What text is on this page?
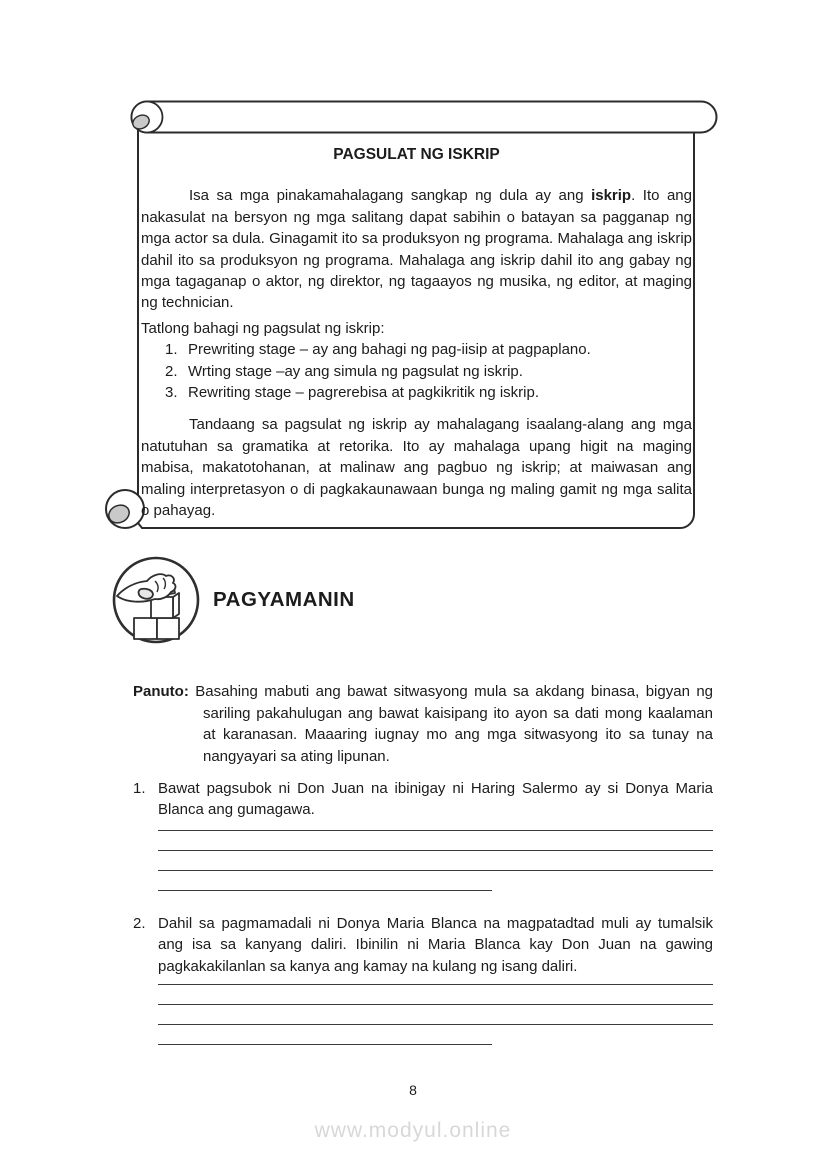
PAGSULAT NG ISKRIP

Isa sa mga pinakamahalagang sangkap ng dula ay ang iskrip. Ito ang nakasulat na bersyon ng mga salitang dapat sabihin o batayan sa pagganap ng mga actor sa dula. Ginagamit ito sa produksyon ng programa. Mahalaga ang iskrip dahil ito sa produksyon ng programa. Mahalaga ang iskrip dahil ito ang gabay ng mga tagaganap o aktor, ng direktor, ng tagaayos ng musika, ng editor, at maging ng technician.

Tatlong bahagi ng pagsulat ng iskrip:

1. Prewriting stage – ay ang bahagi ng pag-iisip at pagpaplano.
2. Wrting stage –ay ang simula ng pagsulat ng iskrip.
3. Rewriting stage – pagrerebisa at pagkikritik ng iskrip.

Tandaang sa pagsulat ng iskrip ay mahalagang isaalang-alang ang mga natutuhan sa gramatika at retorika. Ito ay mahalaga upang higit na maging mabisa, makatotohanan, at malinaw ang pagbuo ng iskrip; at maiwasan ang maling interpretasyon o di pagkakaunawaan bunga ng maling gamit ng mga salita o pahayag.

PAGYAMANIN

Panuto: Basahing mabuti ang bawat sitwasyong mula sa akdang binasa, bigyan ng sariling pakahulugan ang bawat kaisipang ito ayon sa dati mong kaalaman at karanasan. Maaaring iugnay mo ang mga sitwasyong ito sa tunay na nangyayari sa ating lipunan.

1. Bawat pagsubok ni Don Juan na ibinigay ni Haring Salermo ay si Donya Maria Blanca ang gumagawa.

2. Dahil sa pagmamadali ni Donya Maria Blanca na magpatadtad muli ay tumalsik ang isa sa kanyang daliri. Ibinilin ni Maria Blanca kay Don Juan na gawing pagkakakilanlan sa kanya ang kamay na kulang ng isang daliri.

8
www.modyul.online
